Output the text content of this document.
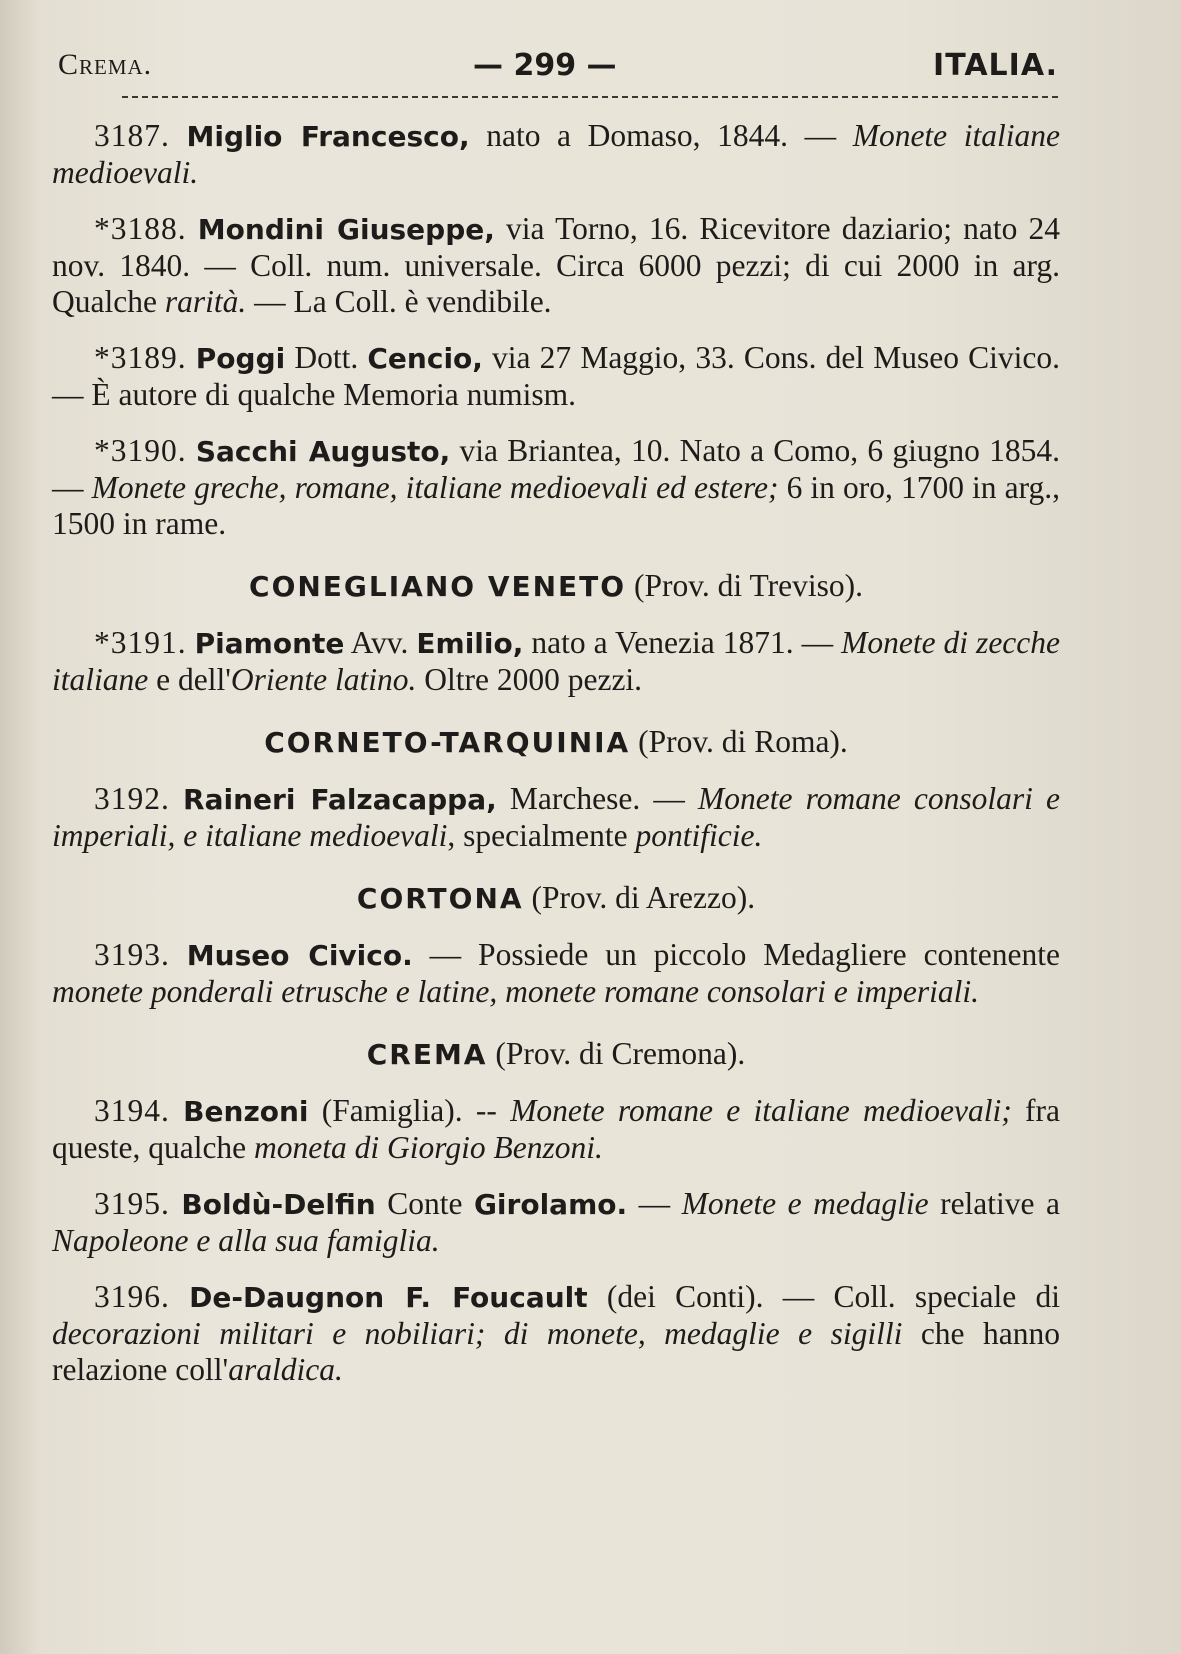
Crema.	— 299 —	ITALIA.

3187. Miglio Francesco, nato a Domaso, 1844. — Monete italiane medioevali.

*3188. Mondini Giuseppe, via Torno, 16. Ricevitore daziario; nato 24 nov. 1840. — Coll. num. universale. Circa 6000 pezzi; di cui 2000 in arg. Qualche rarità. — La Coll. è vendibile.

*3189. Poggi Dott. Cencio, via 27 Maggio, 33. Cons. del Museo Civico. — È autore di qualche Memoria numism.

*3190. Sacchi Augusto, via Briantea, 10. Nato a Como, 6 giugno 1854. — Monete greche, romane, italiane medioevali ed estere; 6 in oro, 1700 in arg., 1500 in rame.

CONEGLIANO VENETO (Prov. di Treviso).

*3191. Piamonte Avv. Emilio, nato a Venezia 1871. — Monete di zecche italiane e dell'Oriente latino. Oltre 2000 pezzi.

CORNETO-TARQUINIA (Prov. di Roma).

3192. Raineri Falzacappa, Marchese. — Monete romane consolari e imperiali, e italiane medioevali, specialmente pontificie.

CORTONA (Prov. di Arezzo).

3193. Museo Civico. — Possiede un piccolo Medagliere contenente monete ponderali etrusche e latine, monete romane consolari e imperiali.

CREMA (Prov. di Cremona).

3194. Benzoni (Famiglia). -- Monete romane e italiane medioevali; fra queste, qualche moneta di Giorgio Benzoni.

3195. Boldù-Delfin Conte Girolamo. — Monete e medaglie relative a Napoleone e alla sua famiglia.

3196. De-Daugnon F. Foucault (dei Conti). — Coll. speciale di decorazioni militari e nobiliari; di monete, medaglie e sigilli che hanno relazione coll'araldica.
